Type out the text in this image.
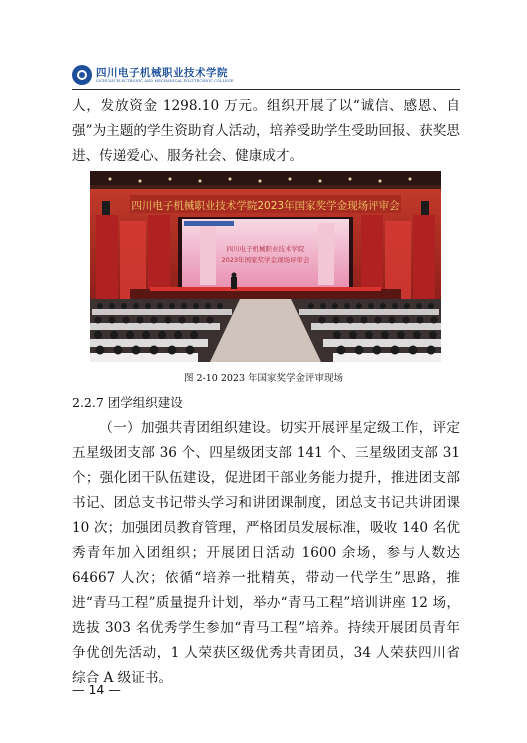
四川电子机械职业技术学院
SICHUAN ELECTRONIC AND MECHANICAL POLYTECHNIC COLLEGE

人，发放资金 1298.10 万元。组织开展了以“诚信、感恩、自强”为主题的学生资助育人活动，培养受助学生受助回报、获奖思进、传递爱心、服务社会、健康成才。

四川电子机械职业技术学院2023年国家奖学金现场评审会
四川电子机械职业技术学院
2023年国家奖学金现场评审会
图 2-10 2023 年国家奖学金评审现场
2.2.7 团学组织建设

（一）加强共青团组织建设。切实开展评星定级工作，评定五星级团支部 36 个、四星级团支部 141 个、三星级团支部 31 个；强化团干队伍建设，促进团干部业务能力提升，推进团支部书记、团总支书记带头学习和讲团课制度，团总支书记共讲团课 10 次；加强团员教育管理，严格团员发展标准，吸收 140 名优秀青年加入团组织；开展团日活动 1600 余场，参与人数达 64667 人次；依循“培养一批精英，带动一代学生”思路，推进“青马工程”质量提升计划，举办“青马工程”培训讲座 12 场，选拔 303 名优秀学生参加“青马工程”培养。持续开展团员青年争优创先活动，1 人荣获区级优秀共青团员，34 人荣获四川省综合 A 级证书。

— 14 —
